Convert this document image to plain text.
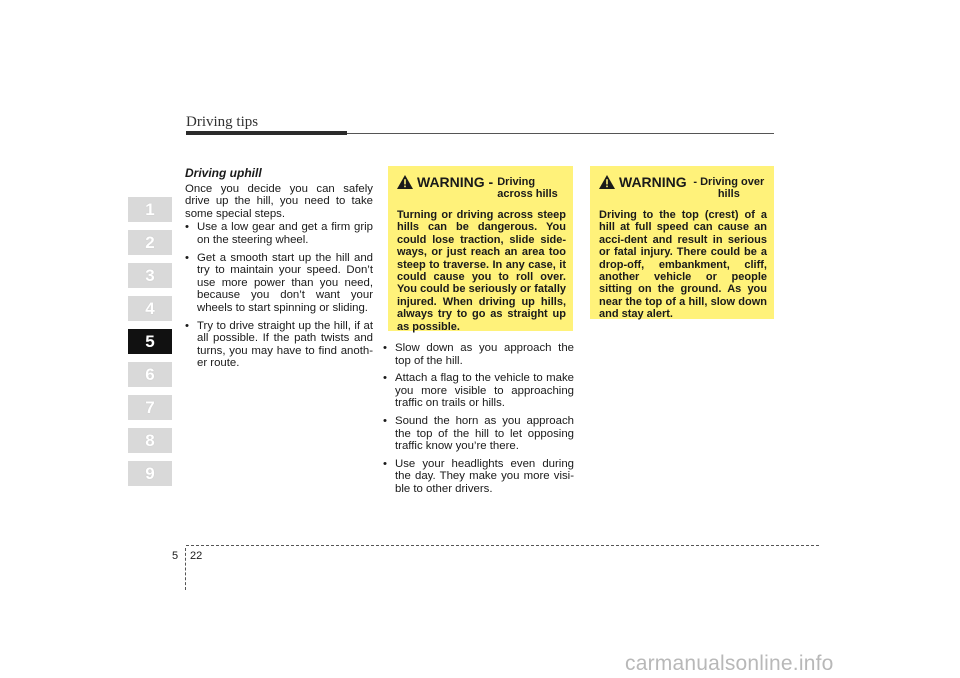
Driving tips
1
2
3
4
5
6
7
8
9
Driving uphill

Once you decide you can safely drive up the hill, you need to take some special steps.

• Use a low gear and get a firm grip on the steering wheel.
• Get a smooth start up the hill and try to maintain your speed. Don’t use more power than you need, because you don’t want your wheels to start spinning or sliding.
• Try to drive straight up the hill, if at all possible. If the path twists and turns, you may have to find anoth-er route.
WARNING - Driving across hills
Turning or driving across steep hills can be dangerous. You could lose traction, slide side-ways, or just reach an area too steep to traverse. In any case, it could cause you to roll over. You could be seriously or fatally injured. When driving up hills, always try to go as straight up as possible.
WARNING - Driving over hills
Driving to the top (crest) of a hill at full speed can cause an acci-dent and result in serious or fatal injury. There could be a drop-off, embankment, cliff, another vehicle or people sitting on the ground. As you near the top of a hill, slow down and stay alert.
• Slow down as you approach the top of the hill.
• Attach a flag to the vehicle to make you more visible to approaching traffic on trails or hills.
• Sound the horn as you approach the top of the hill to let opposing traffic know you’re there.
• Use your headlights even during the day. They make you more visi-ble to other drivers.
5 22
carmanualsonline.info
